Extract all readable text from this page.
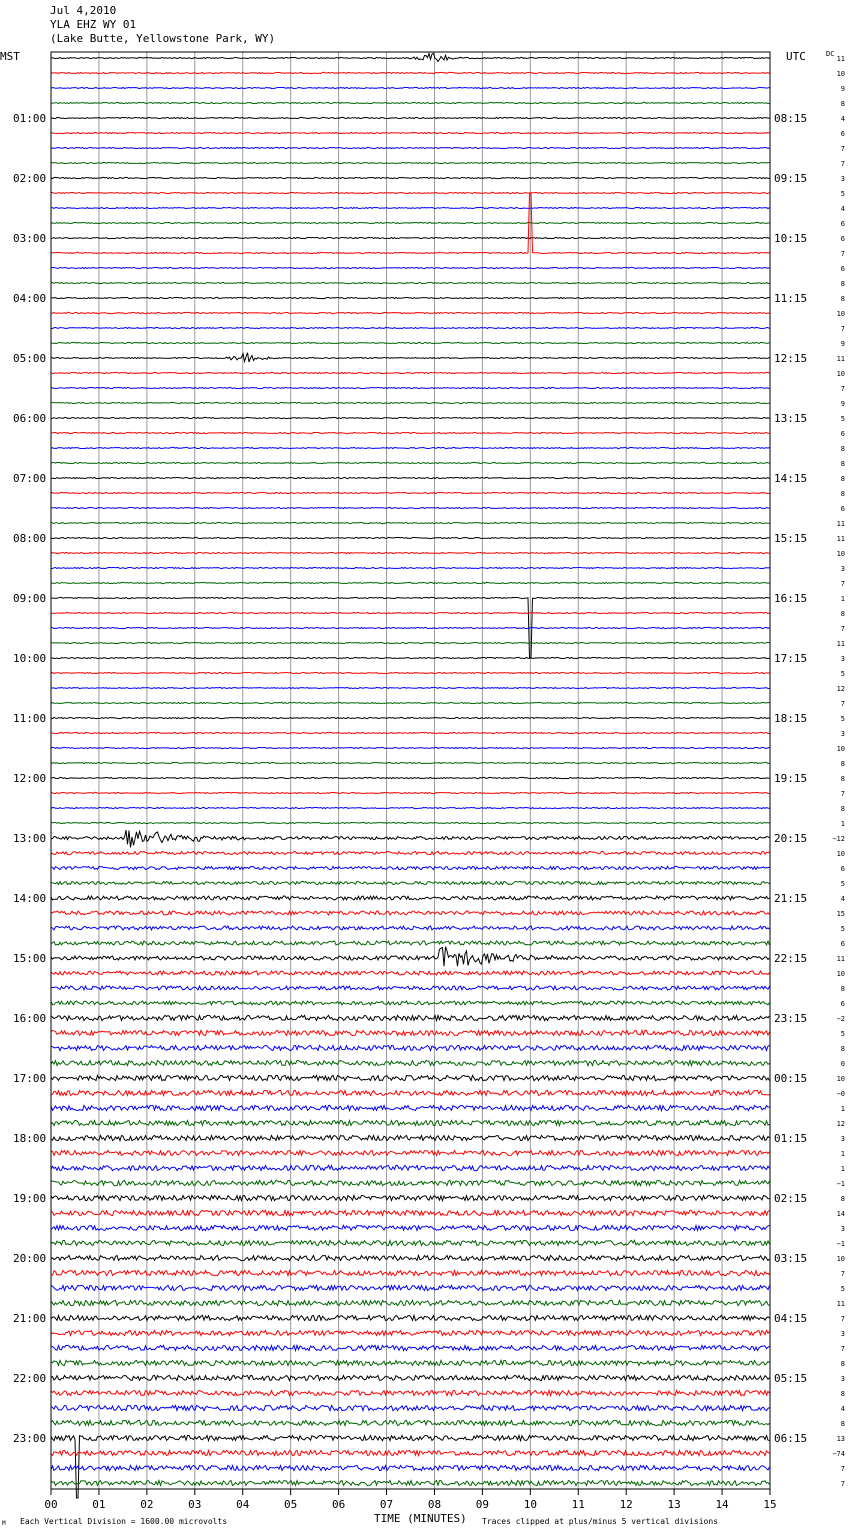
Jul 4,2010
YLA EHZ WY 01
(Lake Butte, Yellowstone Park, WY)
MST	UTC	DC
01:00
02:00
03:00
04:00
05:00
06:00
07:00
08:00
09:00
10:00
11:00
12:00
13:00
14:00
15:00
16:00
17:00
18:00
19:00
20:00
21:00
22:00
23:00
08:15
09:15
10:15
11:15
12:15
13:15
14:15
15:15
16:15
17:15
18:15
19:15
20:15
21:15
22:15
23:15
00:15
01:15
02:15
03:15
04:15
05:15
06:15
11
10
9
8
4
6
7
7
3
5
4
6
6
7
6
8
8
10
7
9
11
10
7
9
5
6
8
8
8
8
6
11
11
10
3
7
1
8
7
11
3
5
12
7
5
3
10
8
8
7
8
1
−12
10
6
5
4
15
5
6
11
10
8
6
−2
5
8
0
10
−0
1
12
3
1
1
−1
8
14
3
−1
10
7
5
11
7
3
7
8
3
8
4
8
13
−74
7
7
00	01	02	03	04	05	06	07	08	09	10	11	12	13	14	15
TIME (MINUTES)
Each Vertical Division = 1600.00 microvolts	Traces clipped at plus/minus 5 vertical divisions
M
